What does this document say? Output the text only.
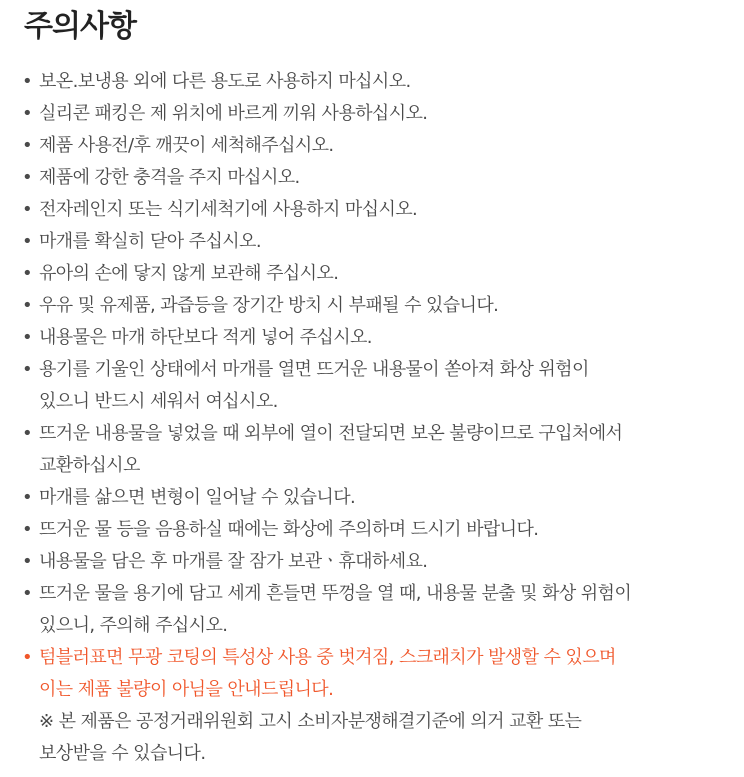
주의사항
• 보온.보냉용 외에 다른 용도로 사용하지 마십시오.
• 실리콘 패킹은 제 위치에 바르게 끼워 사용하십시오.
• 제품 사용전/후 깨끗이 세척해주십시오.
• 제품에 강한 충격을 주지 마십시오.
• 전자레인지 또는 식기세척기에 사용하지 마십시오.
• 마개를 확실히 닫아 주십시오.
• 유아의 손에 닿지 않게 보관해 주십시오.
• 우유 및 유제품, 과즙등을 장기간 방치 시 부패될 수 있습니다.
• 내용물은 마개 하단보다 적게 넣어 주십시오.
• 용기를 기울인 상태에서 마개를 열면 뜨거운 내용물이 쏟아져 화상 위험이
있으니 반드시 세워서 여십시오.
• 뜨거운 내용물을 넣었을 때 외부에 열이 전달되면 보온 불량이므로 구입처에서
교환하십시오
• 마개를 삶으면 변형이 일어날 수 있습니다.
• 뜨거운 물 등을 음용하실 때에는 화상에 주의하며 드시기 바랍니다.
• 내용물을 담은 후 마개를 잘 잠가 보관ㆍ휴대하세요.
• 뜨거운 물을 용기에 담고 세게 흔들면 뚜껑을 열 때, 내용물 분출 및 화상 위험이
있으니, 주의해 주십시오.
• 텀블러표면 무광 코팅의 특성상 사용 중 벗겨짐, 스크래치가 발생할 수 있으며
이는 제품 불량이 아님을 안내드립니다.
※ 본 제품은 공정거래위원회 고시 소비자분쟁해결기준에 의거 교환 또는
보상받을 수 있습니다.
